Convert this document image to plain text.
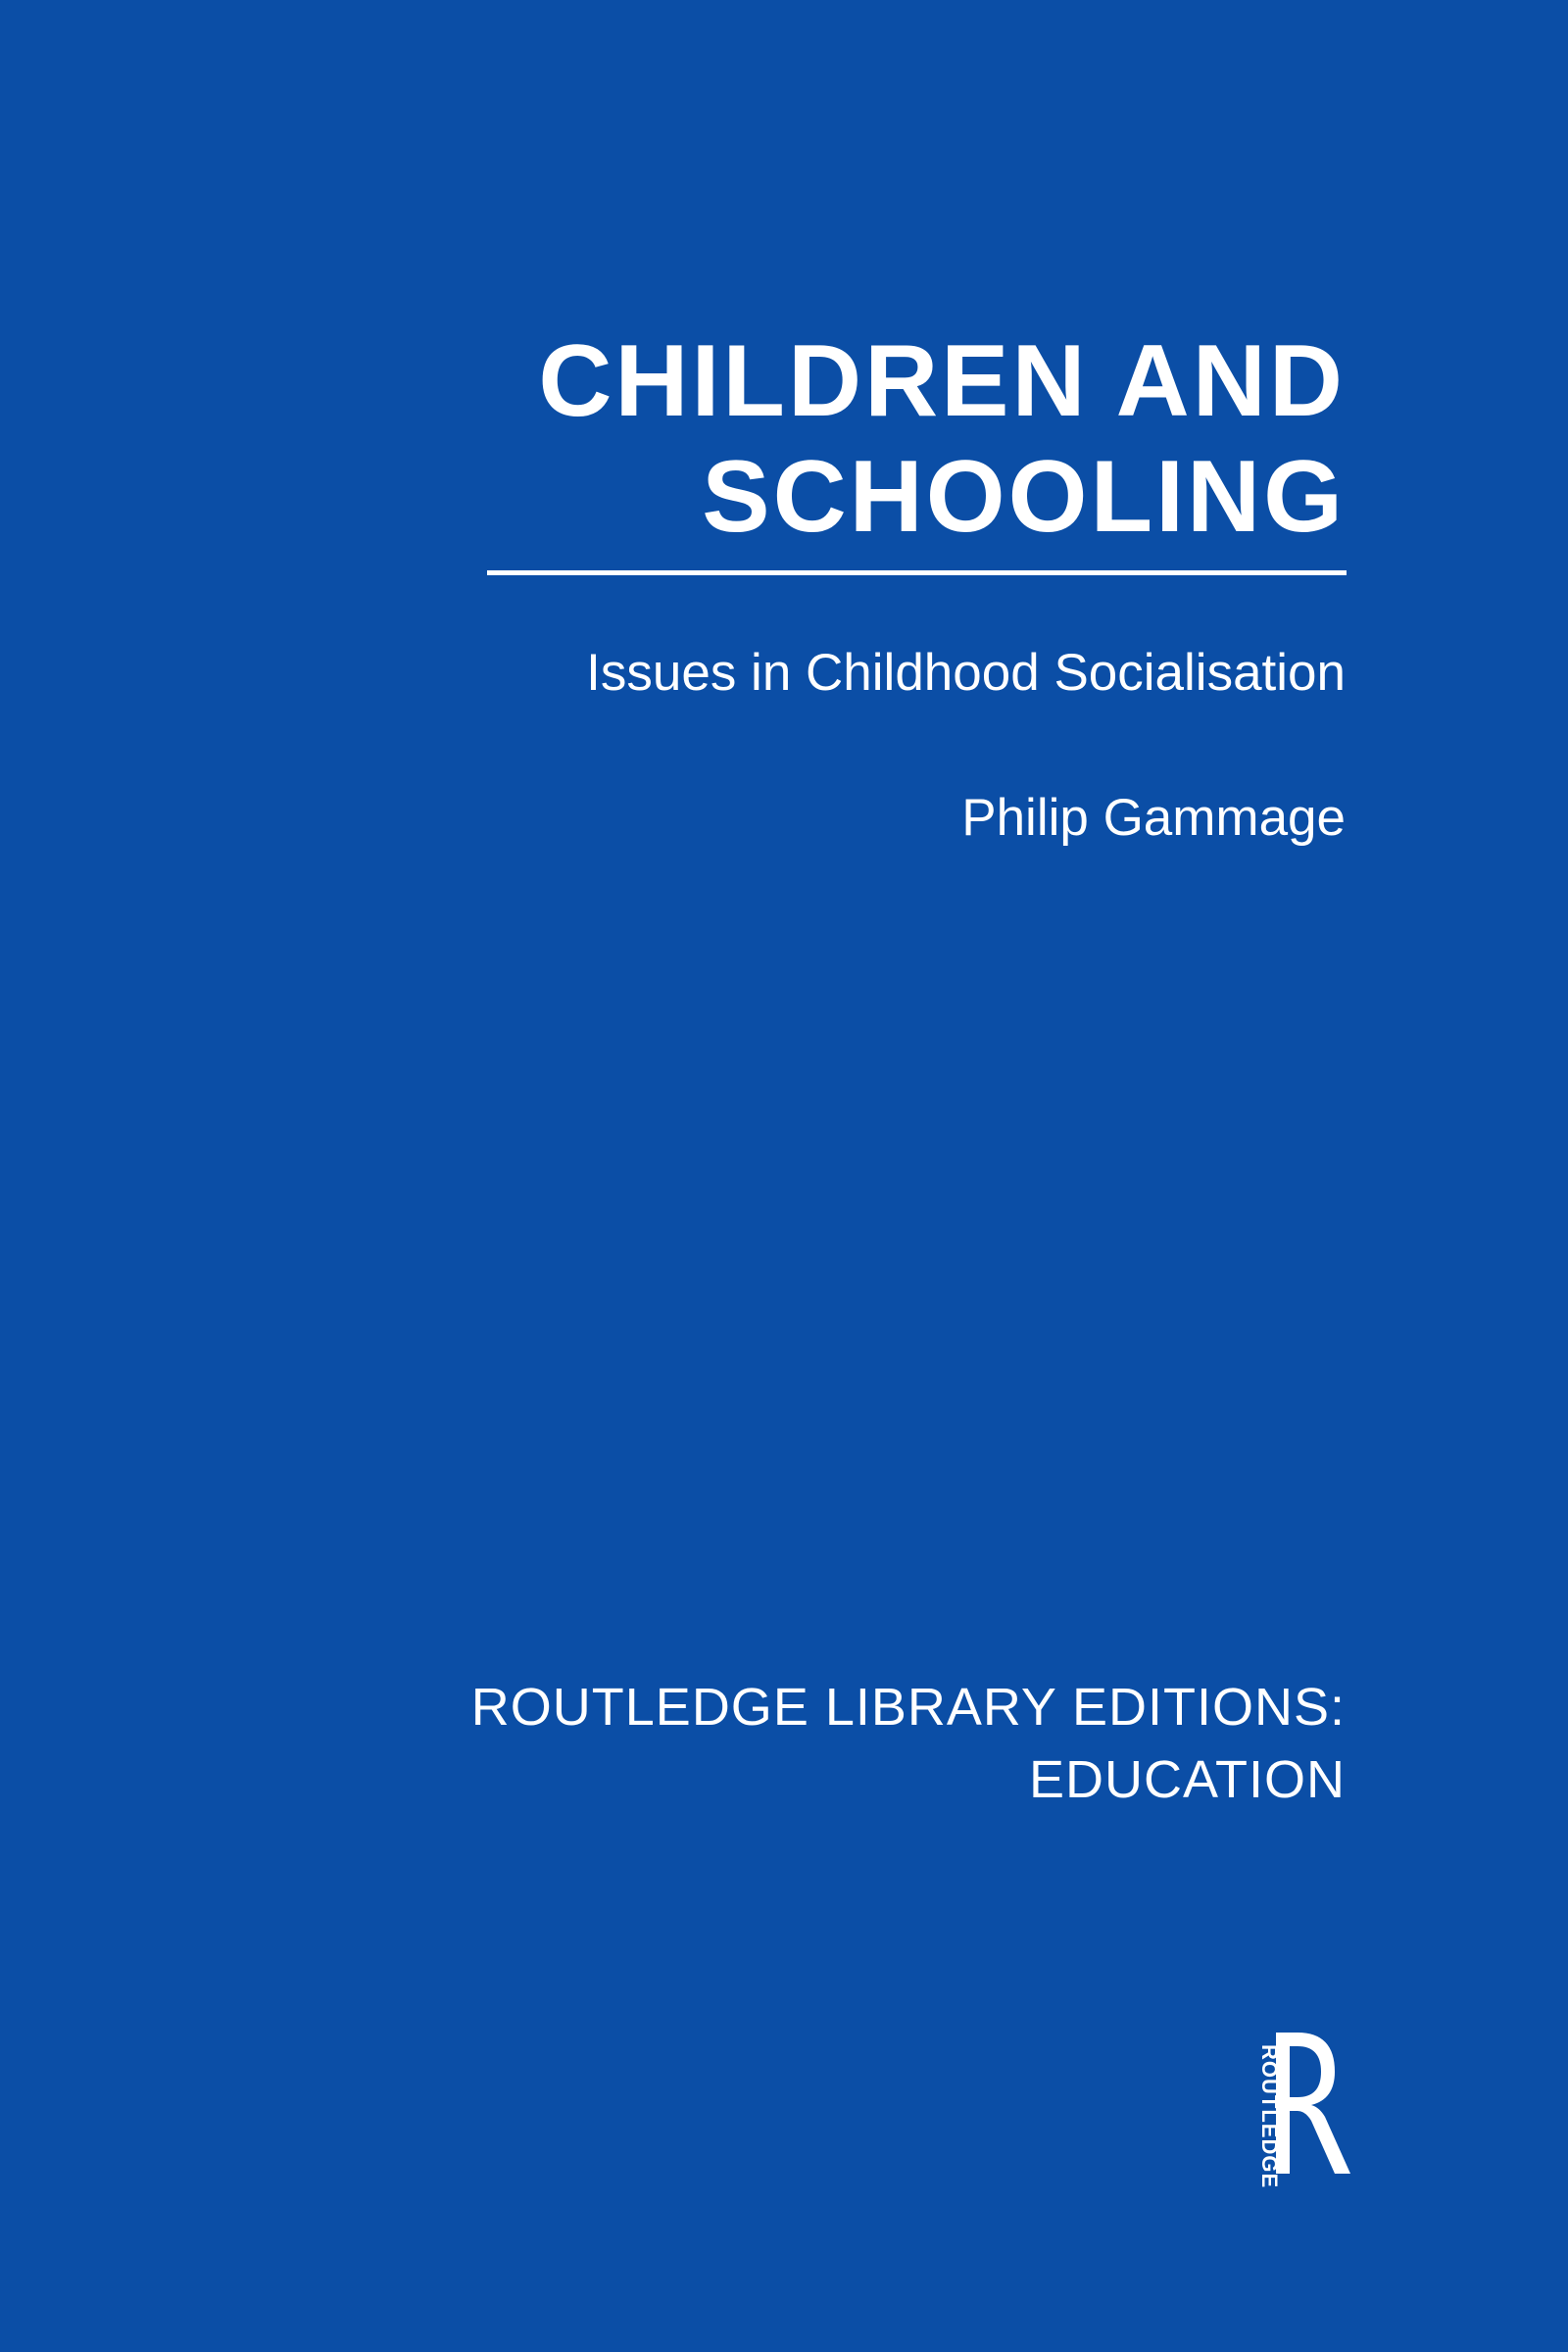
CHILDREN AND
SCHOOLING
Issues in Childhood Socialisation
Philip Gammage
ROUTLEDGE LIBRARY EDITIONS:
EDUCATION
ROUTLEDGE
